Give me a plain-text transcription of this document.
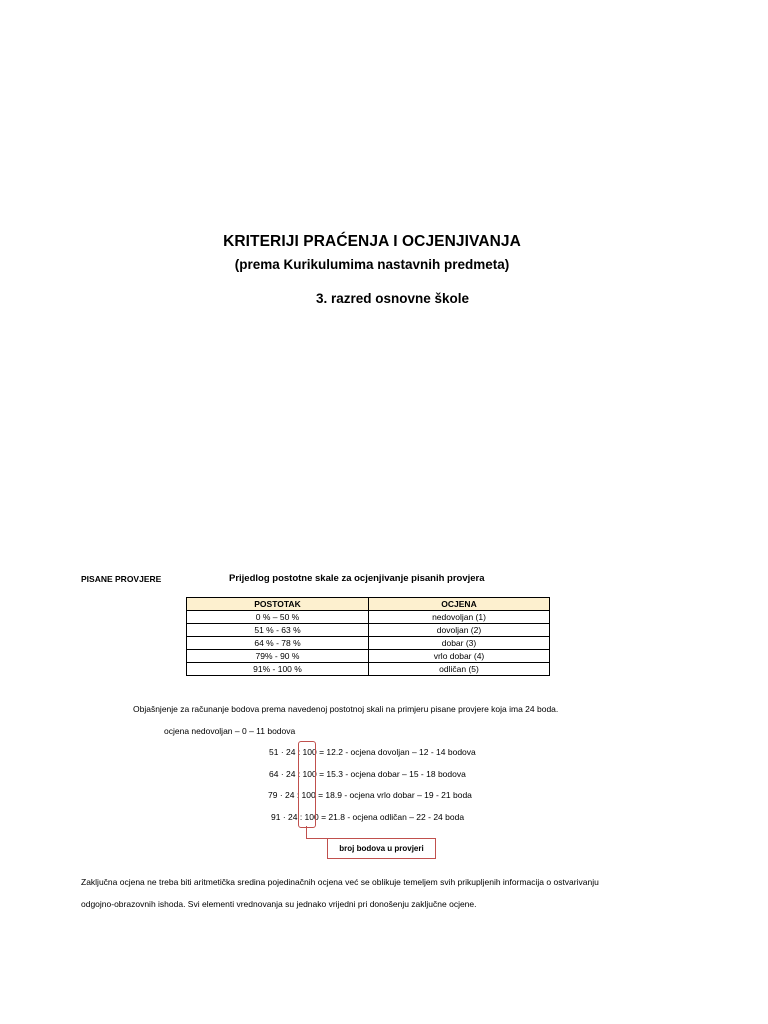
KRITERIJI PRAĆENJA I OCJENJIVANJA
(prema Kurikulumima nastavnih predmeta)
3. razred osnovne škole
PISANE PROVJERE	Prijedlog postotne skale za ocjenjivanje pisanih provjera
POSTOTAK	OCJENA
0 % – 50 %	nedovoljan (1)
51 % - 63 %	dovoljan (2)
64 % - 78 %	dobar (3)
79% - 90 %	vrlo dobar (4)
91% - 100 %	odličan (5)
Objašnjenje za računanje bodova prema navedenoj postotnoj skali na primjeru pisane provjere koja ima 24 boda.
ocjena nedovoljan – 0 – 11 bodova
51 · 24 : 100 = 12.2 - ocjena dovoljan – 12 - 14 bodova
64 · 24 : 100 = 15.3 - ocjena dobar – 15 - 18 bodova
79 · 24 : 100 = 18.9 - ocjena vrlo dobar – 19 - 21 boda
91 · 24 : 100 = 21.8 - ocjena odličan – 22 - 24 boda
broj bodova u provjeri
Zaključna ocjena ne treba biti aritmetička sredina pojedinačnih ocjena već se oblikuje temeljem svih prikupljenih informacija o ostvarivanju
odgojno-obrazovnih ishoda. Svi elementi vrednovanja su jednako vrijedni pri donošenju zaključne ocjene.
